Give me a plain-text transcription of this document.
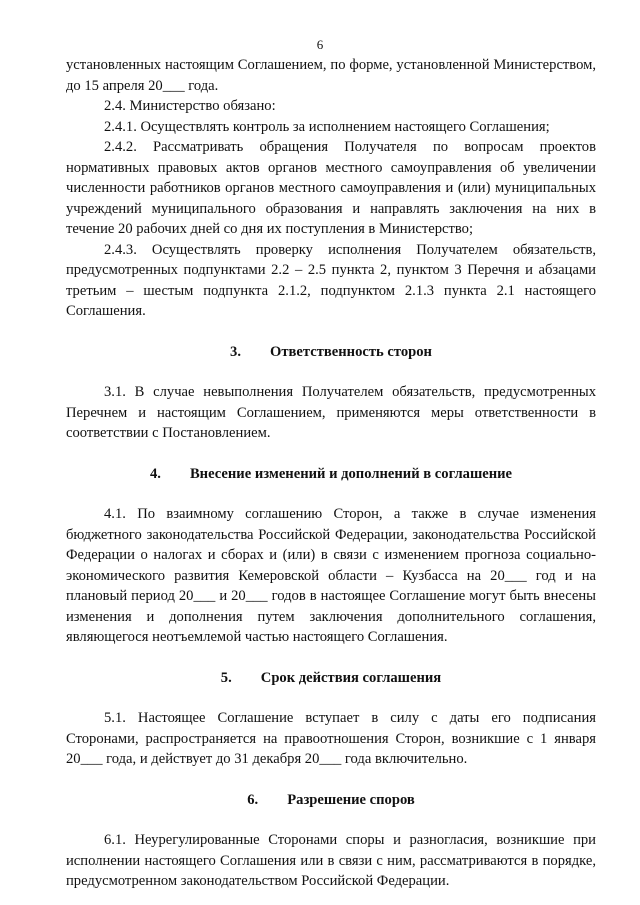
6

установленных настоящим Соглашением, по форме, установленной Министерством, до 15 апреля 20___ года.

2.4. Министерство обязано:

2.4.1. Осуществлять контроль за исполнением настоящего Соглашения;

2.4.2. Рассматривать обращения Получателя по вопросам проектов нормативных правовых актов органов местного самоуправления об увеличении численности работников органов местного самоуправления и (или) муниципальных учреждений муниципального образования и направлять заключения на них в течение 20 рабочих дней со дня их поступления в Министерство;

2.4.3. Осуществлять проверку исполнения Получателем обязательств, предусмотренных подпунктами 2.2 – 2.5 пункта 2, пунктом 3 Перечня и абзацами третьим – шестым подпункта 2.1.2, подпунктом 2.1.3 пункта 2.1 настоящего Соглашения.

3.	Ответственность сторон

3.1. В случае невыполнения Получателем обязательств, предусмотренных Перечнем и настоящим Соглашением, применяются меры ответственности в соответствии с Постановлением.

4.	Внесение изменений и дополнений в соглашение

4.1. По взаимному соглашению Сторон, а также в случае изменения бюджетного законодательства Российской Федерации, законодательства Российской Федерации о налогах и сборах и (или) в связи с изменением прогноза социально-экономического развития Кемеровской области – Кузбасса на 20___ год и на плановый период 20___ и 20___ годов в настоящее Соглашение могут быть внесены изменения и дополнения путем заключения дополнительного соглашения, являющегося неотъемлемой частью настоящего Соглашения.

5.	Срок действия соглашения

5.1. Настоящее Соглашение вступает в силу с даты его подписания Сторонами, распространяется на правоотношения Сторон, возникшие с 1 января 20___ года, и действует до 31 декабря 20___ года включительно.

6.	Разрешение споров

6.1. Неурегулированные Сторонами споры и разногласия, возникшие при исполнении настоящего Соглашения или в связи с ним, рассматриваются в порядке, предусмотренном законодательством Российской Федерации.
